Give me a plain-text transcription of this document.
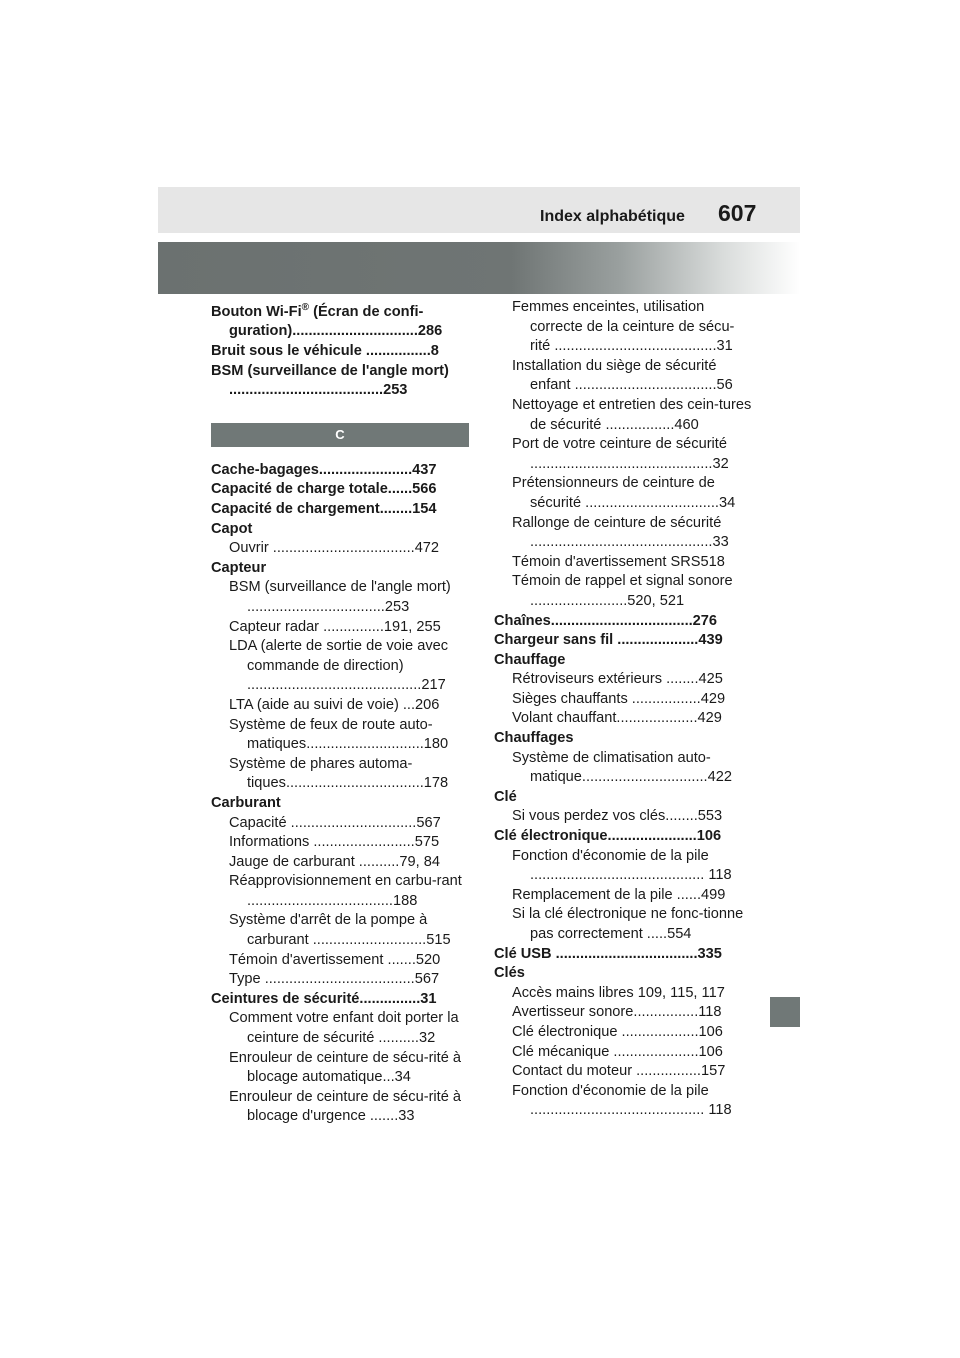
Index alphabétique 607
Bouton Wi-Fi® (Écran de confi-guration)...............................286
Bruit sous le véhicule ................8
BSM (surveillance de l'angle mort) ......................................253
C
Cache-bagages.......................437
Capacité de charge totale......566
Capacité de chargement........154
Capot
Ouvrir ...................................472
Capteur
BSM (surveillance de l'angle mort) ..................................253
Capteur radar ...............191, 255
LDA (alerte de sortie de voie avec commande de direction) ...........................................217
LTA (aide au suivi de voie) ...206
Système de feux de route auto-matiques.............................180
Système de phares automa-tiques..................................178
Carburant
Capacité ...............................567
Informations .........................575
Jauge de carburant ..........79, 84
Réapprovisionnement en carbu-rant ....................................188
Système d'arrêt de la pompe à carburant ............................515
Témoin d'avertissement .......520
Type .....................................567
Ceintures de sécurité...............31
Comment votre enfant doit porter la ceinture de sécurité ..........32
Enrouleur de ceinture de sécu-rité à blocage automatique...34
Enrouleur de ceinture de sécu-rité à blocage d'urgence .......33
Femmes enceintes, utilisation correcte de la ceinture de sécu-rité ........................................31
Installation du siège de sécurité enfant ...................................56
Nettoyage et entretien des cein-tures de sécurité .................460
Port de votre ceinture de sécurité .............................................32
Prétensionneurs de ceinture de sécurité .................................34
Rallonge de ceinture de sécurité .............................................33
Témoin d'avertissement SRS518
Témoin de rappel et signal sonore ........................520, 521
Chaînes...................................276
Chargeur sans fil ....................439
Chauffage
Rétroviseurs extérieurs ........425
Sièges chauffants .................429
Volant chauffant....................429
Chauffages
Système de climatisation auto-matique...............................422
Clé
Si vous perdez vos clés........553
Clé électronique......................106
Fonction d'économie de la pile ........................................... 118
Remplacement de la pile ......499
Si la clé électronique ne fonc-tionne pas correctement .....554
Clé USB ...................................335
Clés
Accès mains libres 109, 115, 117
Avertisseur sonore................118
Clé électronique ...................106
Clé mécanique .....................106
Contact du moteur ................157
Fonction d'économie de la pile ........................................... 118
